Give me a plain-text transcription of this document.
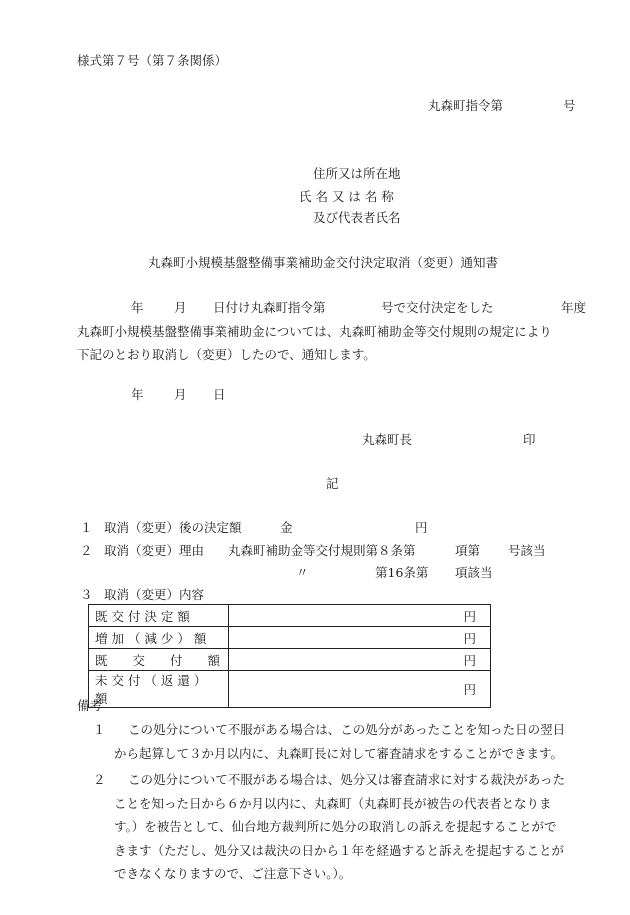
様式第７号（第７条関係）
丸森町指令第	号
住所又は所在地
氏 名 又 は 名 称
及び代表者氏名
丸森町小規模基盤整備事業補助金交付決定取消（変更）通知書
年 月 日付け丸森町指令第	号で交付決定をした	年度
丸森町小規模基盤整備事業補助金については、丸森町補助金等交付規則の規定により
下記のとおり取消し（変更）したので、通知します。
年 月 日
丸森町長	印
記
１ 取消（変更）後の決定額	金	円
２ 取消（変更）理由 丸森町補助金等交付規則第８条第	項第 号該当
〃	第16条第 項該当
３ 取消（変更）内容
既 交 付 決 定 額	円
増 加 （ 減 少 ） 額	円
既　　交　　付　　額	円
未 交 付 （ 返 還 ） 額	円
備考
１	この処分について不服がある場合は、この処分があったことを知った日の翌日
から起算して３か月以内に、丸森町長に対して審査請求をすることができます。
２	この処分について不服がある場合は、処分又は審査請求に対する裁決があった
ことを知った日から６か月以内に、丸森町（丸森町長が被告の代表者となりま
す。）を被告として、仙台地方裁判所に処分の取消しの訴えを提起することがで
きます（ただし、処分又は裁決の日から１年を経過すると訴えを提起することが
できなくなりますので、ご注意下さい。）。
